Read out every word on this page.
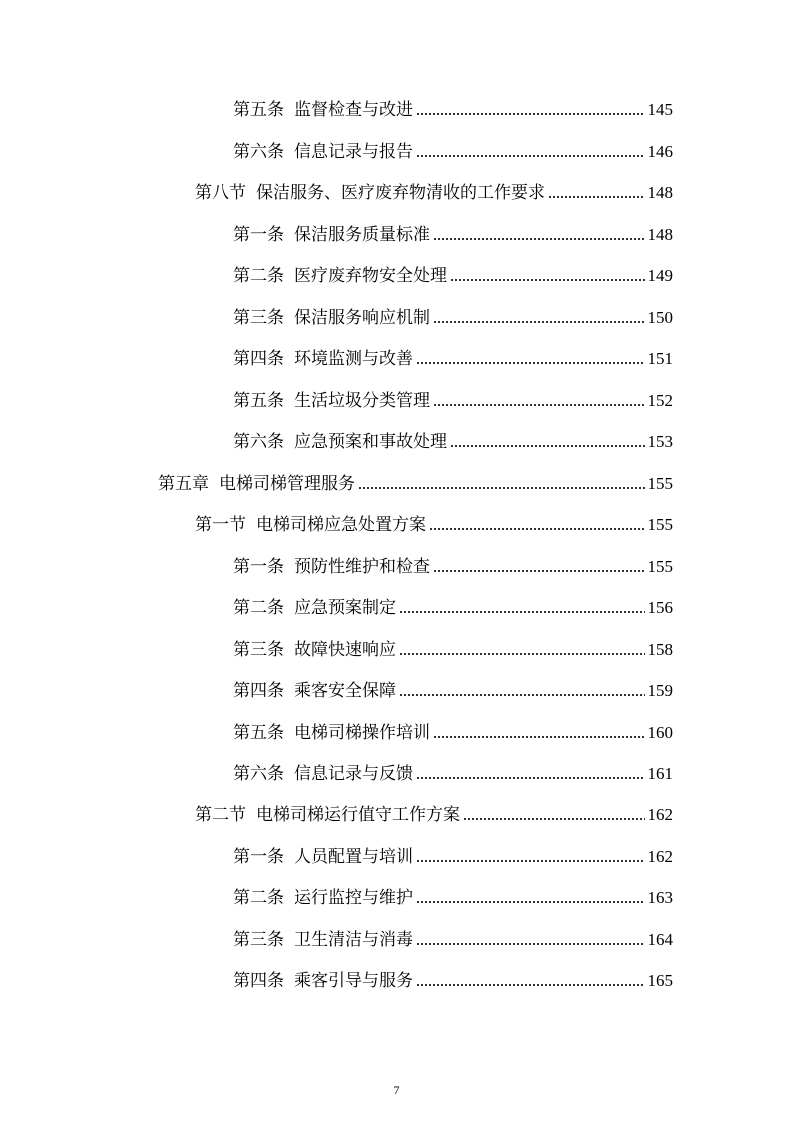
第五条 监督检查与改进	145
第六条 信息记录与报告	146
第八节 保洁服务、医疗废弃物清收的工作要求	148
第一条 保洁服务质量标准	148
第二条 医疗废弃物安全处理	149
第三条 保洁服务响应机制	150
第四条 环境监测与改善	151
第五条 生活垃圾分类管理	152
第六条 应急预案和事故处理	153
第五章 电梯司梯管理服务	155
第一节 电梯司梯应急处置方案	155
第一条 预防性维护和检查	155
第二条 应急预案制定	156
第三条 故障快速响应	158
第四条 乘客安全保障	159
第五条 电梯司梯操作培训	160
第六条 信息记录与反馈	161
第二节 电梯司梯运行值守工作方案	162
第一条 人员配置与培训	162
第二条 运行监控与维护	163
第三条 卫生清洁与消毒	164
第四条 乘客引导与服务	165
7
